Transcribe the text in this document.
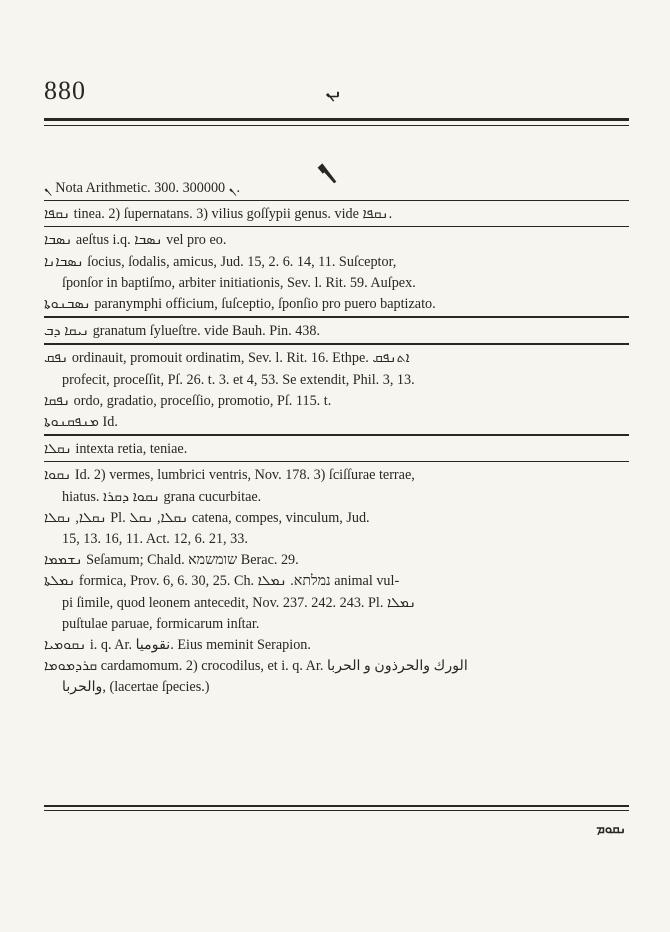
880	ܢܢ
ܢ
ܢ Nota Arithmetic. 300. ܢ 300000.
ܢܩܦܐ tinea. 2) ſupernatans. 3) vilius goſſypii genus. vide ܢܩܦܐ.
ܢܣܒܐ aeſtus i.q. ܢܣܒܐ vel pro eo.
ܢܣܒܐܢܐ ſocius, ſodalis, amicus, Jud. 15, 2. 6. 14, 11. Suſceptor,
ſponſor in baptiſmo, arbiter initiationis, Sev. l. Rit. 59. Auſpex.
ܢܣܒܢܘܬܐ paranymphi officium, ſuſceptio, ſponſio pro puero baptizato.
ܢܝܩܐ ܕܒ granatum ſylueſtre. vide Bauh. Pin. 438.
ܢܦܩ ordinauit, promouit ordinatim, Sev. l. Rit. 16. Ethpe. ܐܬܢܦܩ
profecit, proceſſit, Pſ. 26. t. 3. et 4, 53. Se extendit, Phil. 3, 13.
ܢܦܩܐ ordo, gradatio, proceſſio, promotio, Pſ. 115. t.
ܡܢܦܩܢܘܬܐ Id.
ܢܩܠܐ intexta retia, teniae.
ܢܩܘܐ Id. 2) vermes, lumbrici ventris, Nov. 178. 3) ſciſſurae terrae,
hiatus. ܢܩܘܐ ܕܩܪܐ grana cucurbitae.
ܢܩܠܐ, ܢܩܠܐ Pl. ܢܩܠܐ, ܢܩܠ catena, compes, vinculum, Jud.
15, 13. 16, 11. Act. 12, 6. 21, 33.
ܢܫܡܡܐ Seſamum; Chald. שומשמא Berac. 29.
ܢܡܠܬܐ formica, Prov. 6, 6. 30, 25. Ch. נמלתא. ܢܡܠܐ animal vul-
pi ſimile, quod leonem antecedit, Nov. 237. 242. 243. Pl. ܢܡܠܐ
puſtulae paruae, formicarum inſtar.
ܢܩܘܡܝܐ i. q. Ar. ﻧﻘﻮﻣﻴﺎ. Eius meminit Serapion.
ܩܪܕܡܘܡܐ cardamomum. 2) crocodilus, et i. q. Ar. الورك والحرذون و الحربا
ﻭﺍﻟﺤﺮﺑﺎ, (lacertae ſpecies.)
ܢܩܘܡ
